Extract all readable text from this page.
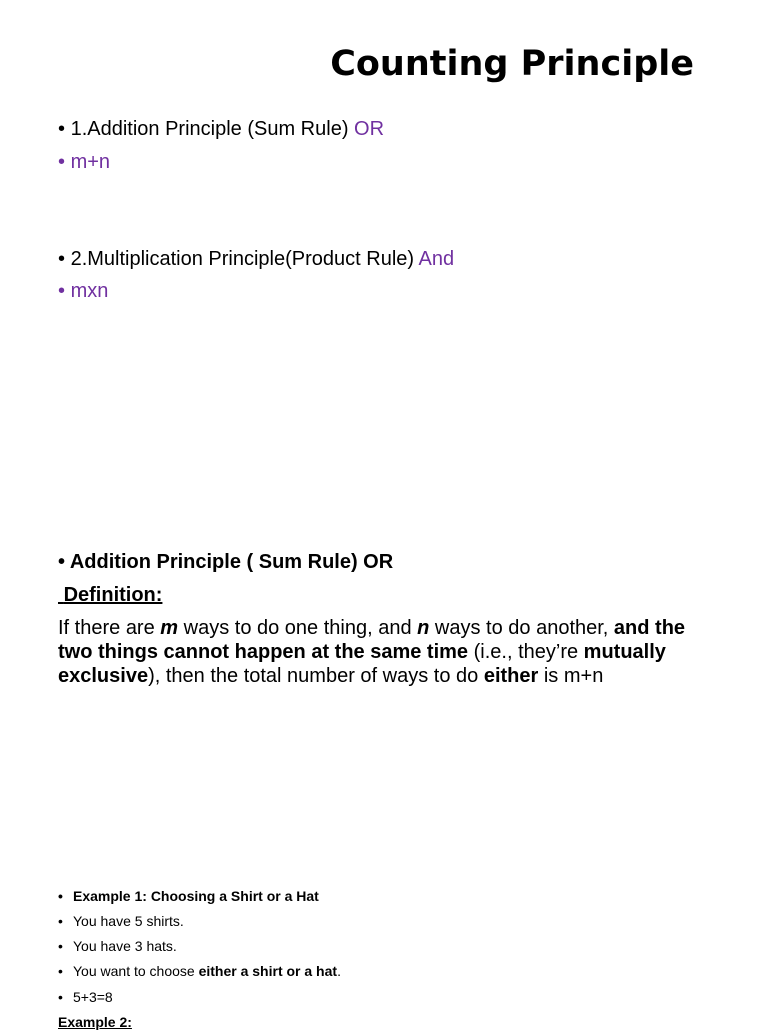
Counting Principle
• 1.Addition Principle (Sum Rule) OR
• m+n
• 2.Multiplication Principle(Product Rule) And
• mxn
• Addition Principle ( Sum Rule) OR
Definition:
If there are m ways to do one thing, and n ways to do another, and the two things cannot happen at the same time (i.e., they’re mutually exclusive), then the total number of ways to do either is m+n
• Example 1: Choosing a Shirt or a Hat
• You have 5 shirts.
• You have 3 hats.
• You want to choose either a shirt or a hat.
• 5+3=8
Example 2:
